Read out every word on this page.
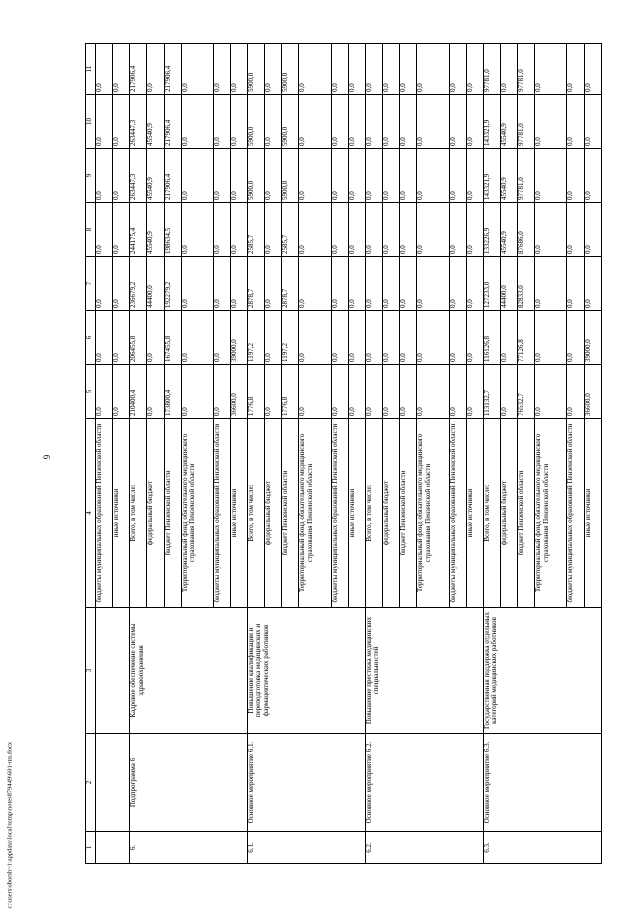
9
c:\users\sborsh~1\appdata\local\temp\notes879449\601-пп.docx	1	2	3	4	5	6	7	8	9	10	11
			бюджеты муниципальных образований Пензенской области	0,0	0,0	0,0	0,0	0,0	0,0	0,0
			иные источники	0,0	0,0	0,0	0,0	0,0	0,0	0,0
6.	Подпрограмма 6	Кадровое обеспечение системы здравоохранения	Всего, в том числе:	210400,4	206455,8	236679,2	244175,4	263447,3	263447,3	217906,4
			федеральный бюджет	0,0	0,0	44400,0	45540,9	45540,9	45540,9	0,0
			бюджет Пензенской области	173800,4	167455,8	192279,2	198634,5	217906,4	217906,4	217906,4
			Территориальный фонд обязательного медицинского страхования Пензенской области	0,0	0,0	0,0	0,0	0,0	0,0	0,0
			бюджеты муниципальных образований Пензенской области	0,0	0,0	0,0	0,0	0,0	0,0	0,0
			иные источники	36600,0	39000,0	0,0	0,0	0,0	0,0	0,0
6.1.	Основное мероприятие 6.1.	Повышение квалификации и переподготовка медицинских и фармацевтических работников	Всего, в том числе:	1776,8	1197,2	2878,7	2585,7	5900,0	5900,0	5900,0
			федеральный бюджет	0,0	0,0	0,0	0,0	0,0	0,0	0,0
			бюджет Пензенской области	1776,8	1197,2	2878,7	2585,7	5900,0	5900,0	5900,0
			Территориальный фонд обязательного медицинского страхования Пензенской области	0,0	0,0	0,0	0,0	0,0	0,0	0,0
			бюджеты муниципальных образований Пензенской области	0,0	0,0	0,0	0,0	0,0	0,0	0,0
			иные источники	0,0	0,0	0,0	0,0	0,0	0,0	0,0
6.2.	Основное мероприятие 6.2.	Повышение престижа медицинских специальностей	Всего, в том числе:	0,0	0,0	0,0	0,0	0,0	0,0	0,0
			федеральный бюджет	0,0	0,0	0,0	0,0	0,0	0,0	0,0
			бюджет Пензенской области	0,0	0,0	0,0	0,0	0,0	0,0	0,0
			Территориальный фонд обязательного медицинского страхования Пензенской области	0,0	0,0	0,0	0,0	0,0	0,0	0,0
			бюджеты муниципальных образований Пензенской области	0,0	0,0	0,0	0,0	0,0	0,0	0,0
			иные источники	0,0	0,0	0,0	0,0	0,0	0,0	0,0
6.3.	Основное мероприятие 6.3.	Государственная поддержка отдельных категорий медицинских работников	Всего, в том числе:	113132,7	116126,8	127233,0	133226,9	143321,9	143321,9	97781,0
			федеральный бюджет	0,0	0,0	44400,0	45540,9	45540,9	45540,9	0,0
			бюджет Пензенской области	76532,7	77126,8	82833,0	87686,0	97781,0	97781,0	97781,0
			Территориальный фонд обязательного медицинского страхования Пензенской области	0,0	0,0	0,0	0,0	0,0	0,0	0,0
			бюджеты муниципальных образований Пензенской области	0,0	0,0	0,0	0,0	0,0	0,0	0,0
			иные источники	36600,0	39000,0	0,0	0,0	0,0	0,0	0,0
